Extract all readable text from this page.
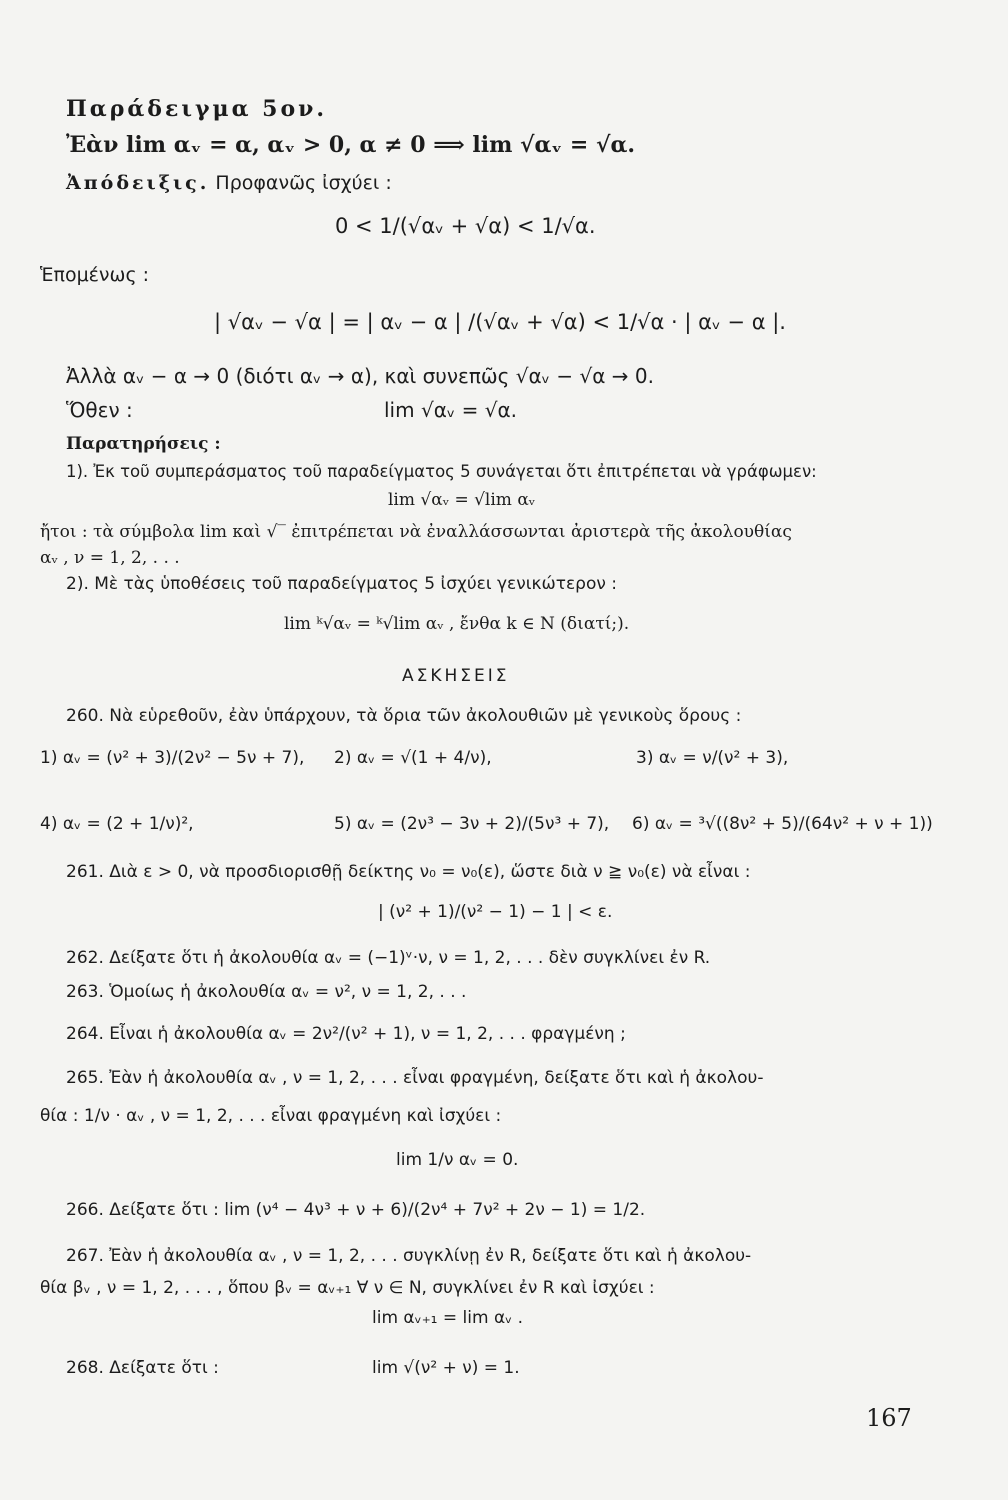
Παράδειγμα 5ον.
Ἐὰν lim αᵥ = α, αᵥ > 0, α ≠ 0 ⟹ lim √αᵥ = √α.
Ἀπόδειξις. Προφανῶς ἰσχύει :
0 < 1/(√αᵥ + √α) < 1/√α.
Ἑπομένως :
| √αᵥ − √α | = | αᵥ − α | /(√αᵥ + √α) < 1/√α · | αᵥ − α |.
Ἀλλὰ αᵥ − α → 0 (διότι αᵥ → α), καὶ συνεπῶς √αᵥ − √α → 0.
Ὅθεν :	lim √αᵥ = √α.
Παρατηρήσεις :
1). Ἐκ τοῦ συμπεράσματος τοῦ παραδείγματος 5 συνάγεται ὅτι ἐπιτρέπεται νὰ γράφωμεν:
lim √αᵥ = √lim αᵥ
ἤτοι : τὰ σύμβολα lim καὶ √‾ ἐπιτρέπεται νὰ ἐναλλάσσωνται ἀριστερὰ τῆς ἀκολουθίας
αᵥ , ν = 1, 2, . . .
2). Μὲ τὰς ὑποθέσεις τοῦ παραδείγματος 5 ἰσχύει γενικώτερον :
lim ᵏ√αᵥ = ᵏ√lim αᵥ , ἔνθα k ∈ N (διατί;).
ΑΣΚΗΣΕΙΣ
260. Νὰ εὑρεθοῦν, ἐὰν ὑπάρχουν, τὰ ὅρια τῶν ἀκολουθιῶν μὲ γενικοὺς ὅρους :
1) αᵥ = (ν² + 3)/(2ν² − 5ν + 7), 2) αᵥ = √(1 + 4/ν),	3) αᵥ = ν/(ν² + 3),
4) αᵥ = (2 + 1/ν)²,	5) αᵥ = (2ν³ − 3ν + 2)/(5ν³ + 7), 6) αᵥ = ³√((8ν² + 5)/(64ν² + ν + 1))
261. Διὰ ε > 0, νὰ προσδιορισθῇ δείκτης ν₀ = ν₀(ε), ὥστε διὰ ν ≧ ν₀(ε) νὰ εἶναι :
| (ν² + 1)/(ν² − 1) − 1 | < ε.
262. Δείξατε ὅτι ἡ ἀκολουθία αᵥ = (−1)ᵛ·ν, ν = 1, 2, . . . δὲν συγκλίνει ἐν R.
263. Ὁμοίως ἡ ἀκολουθία αᵥ = ν², ν = 1, 2, . . .
264. Εἶναι ἡ ἀκολουθία αᵥ = 2ν²/(ν² + 1), ν = 1, 2, . . . φραγμένη ;
265. Ἐὰν ἡ ἀκολουθία αᵥ , ν = 1, 2, . . . εἶναι φραγμένη, δείξατε ὅτι καὶ ἡ ἀκολου-
θία : 1/ν · αᵥ , ν = 1, 2, . . . εἶναι φραγμένη καὶ ἰσχύει :
lim 1/ν αᵥ = 0.
266. Δείξατε ὅτι : lim (ν⁴ − 4ν³ + ν + 6)/(2ν⁴ + 7ν² + 2ν − 1) = 1/2.
267. Ἐὰν ἡ ἀκολουθία αᵥ , ν = 1, 2, . . . συγκλίνῃ ἐν R, δείξατε ὅτι καὶ ἡ ἀκολου-
θία βᵥ , ν = 1, 2, . . . , ὅπου βᵥ = αᵥ₊₁ ∀ ν ∈ N, συγκλίνει ἐν R καὶ ἰσχύει :
lim αᵥ₊₁ = lim αᵥ .
268. Δείξατε ὅτι :	lim √(ν² + ν) = 1.
167
